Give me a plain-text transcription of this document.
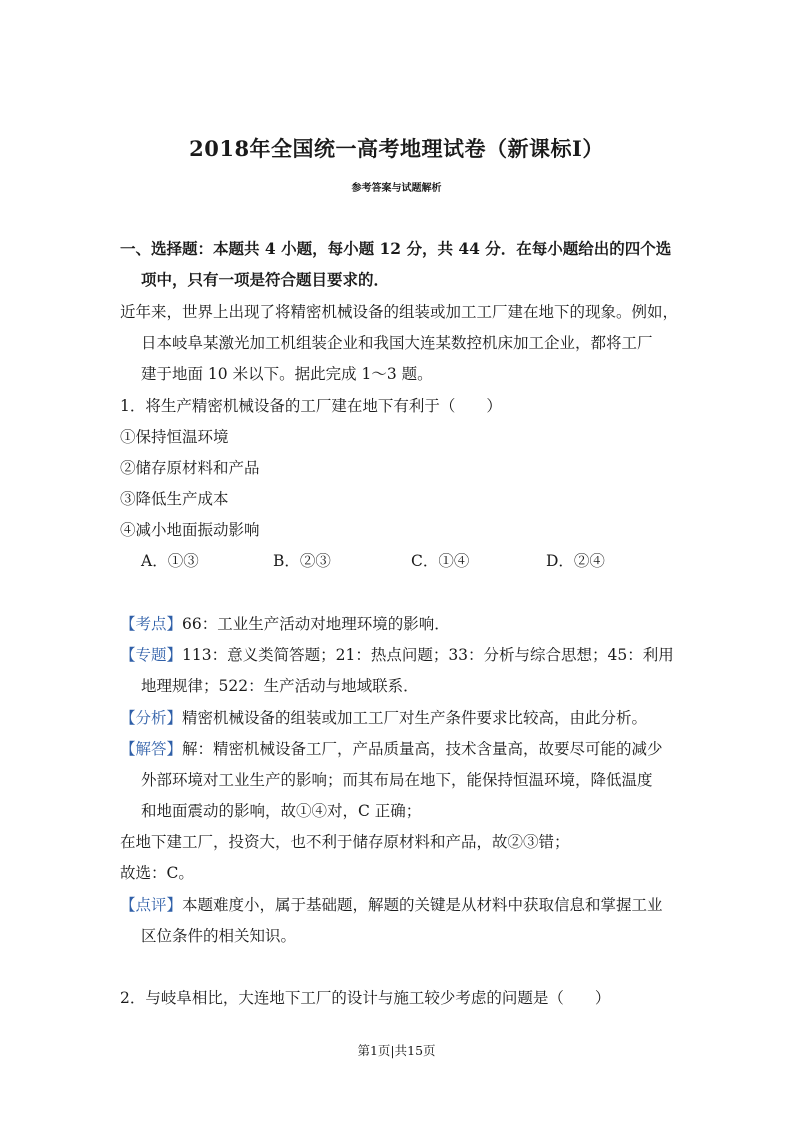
2018年全国统一高考地理试卷（新课标I）
参考答案与试题解析
一、选择题：本题共 4 小题，每小题 12 分，共 44 分．在每小题给出的四个选
项中，只有一项是符合题目要求的．
近年来，世界上出现了将精密机械设备的组装或加工工厂建在地下的现象。例如，
日本岐阜某激光加工机组装企业和我国大连某数控机床加工企业，都将工厂
建于地面 10 米以下。据此完成 1～3 题。
1．将生产精密机械设备的工厂建在地下有利于（　　）
①保持恒温环境
②储存原材料和产品
③降低生产成本
④减小地面振动影响
A．①③	B．②③	C．①④	D．②④
【考点】66：工业生产活动对地理环境的影响．
【专题】113：意义类简答题；21：热点问题；33：分析与综合思想；45：利用
地理规律；522：生产活动与地域联系．
【分析】精密机械设备的组装或加工工厂对生产条件要求比较高，由此分析。
【解答】解：精密机械设备工厂，产品质量高，技术含量高，故要尽可能的减少
外部环境对工业生产的影响；而其布局在地下，能保持恒温环境，降低温度
和地面震动的影响，故①④对，C 正确；
在地下建工厂，投资大，也不利于储存原材料和产品，故②③错；
故选：C。
【点评】本题难度小，属于基础题，解题的关键是从材料中获取信息和掌握工业
区位条件的相关知识。
2．与岐阜相比，大连地下工厂的设计与施工较少考虑的问题是（　　）
第1页|共15页
